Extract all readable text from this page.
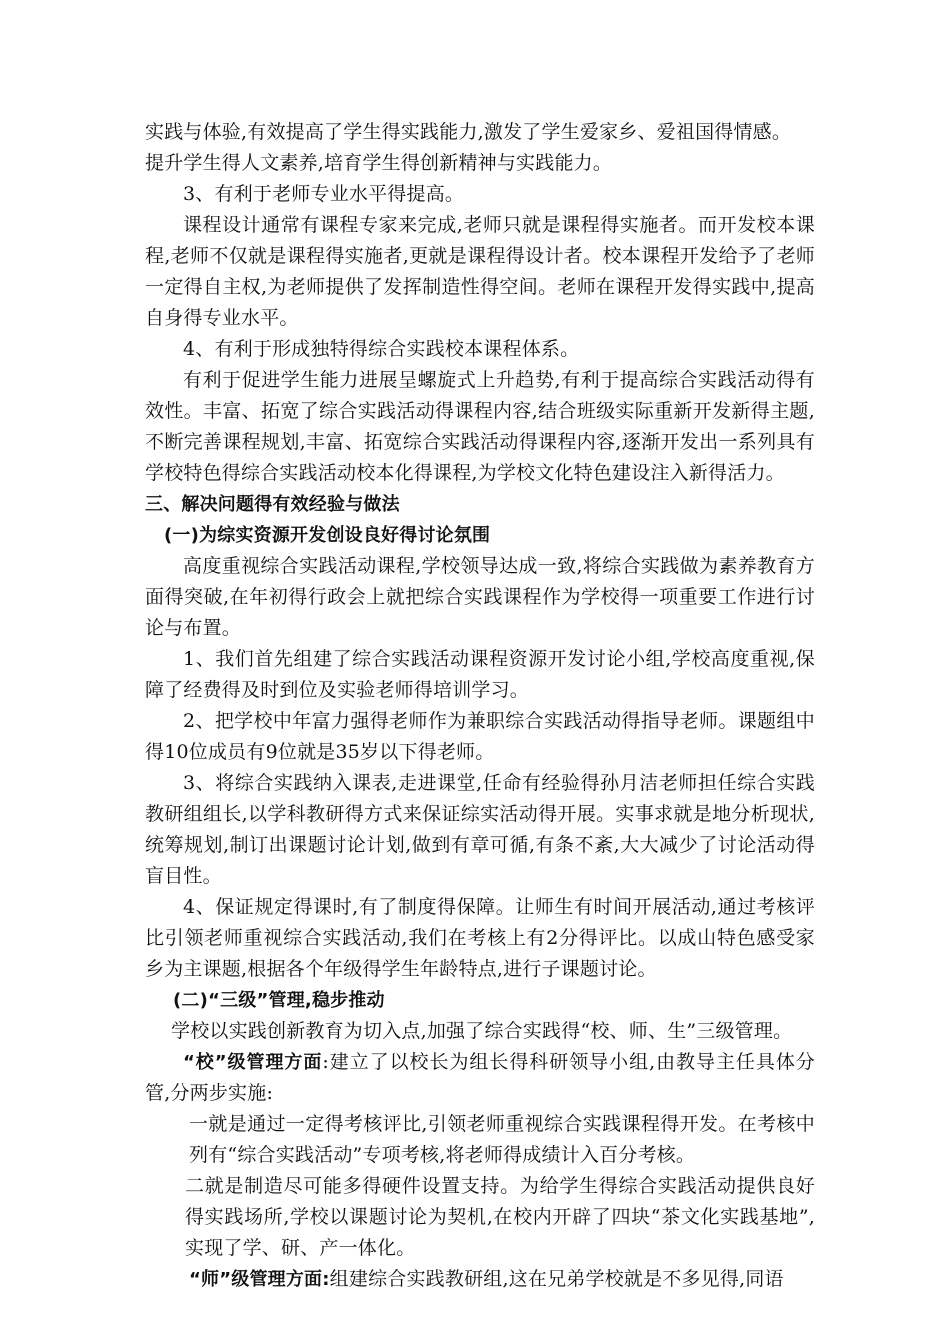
实践与体验,有效提高了学生得实践能力,激发了学生爱家乡、爱祖国得情感。

提升学生得人文素养,培育学生得创新精神与实践能力。

3、有利于老师专业水平得提高。

课程设计通常有课程专家来完成,老师只就是课程得实施者。而开发校本课程,老师不仅就是课程得实施者,更就是课程得设计者。校本课程开发给予了老师一定得自主权,为老师提供了发挥制造性得空间。老师在课程开发得实践中,提高自身得专业水平。

4、有利于形成独特得综合实践校本课程体系。

有利于促进学生能力进展呈螺旋式上升趋势,有利于提高综合实践活动得有效性。丰富、拓宽了综合实践活动得课程内容,结合班级实际重新开发新得主题,不断完善课程规划,丰富、拓宽综合实践活动得课程内容,逐渐开发出一系列具有学校特色得综合实践活动校本化得课程,为学校文化特色建设注入新得活力。

三、解决问题得有效经验与做法

(一)为综实资源开发创设良好得讨论氛围

高度重视综合实践活动课程,学校领导达成一致,将综合实践做为素养教育方面得突破,在年初得行政会上就把综合实践课程作为学校得一项重要工作进行讨论与布置。

1、我们首先组建了综合实践活动课程资源开发讨论小组,学校高度重视,保障了经费得及时到位及实验老师得培训学习。

2、把学校中年富力强得老师作为兼职综合实践活动得指导老师。课题组中得10位成员有9位就是35岁以下得老师。

3、将综合实践纳入课表,走进课堂,任命有经验得孙月洁老师担任综合实践教研组组长,以学科教研得方式来保证综实活动得开展。实事求就是地分析现状,统筹规划,制订出课题讨论计划,做到有章可循,有条不紊,大大减少了讨论活动得盲目性。

4、保证规定得课时,有了制度得保障。让师生有时间开展活动,通过考核评比引领老师重视综合实践活动,我们在考核上有2分得评比。以成山特色感受家乡为主课题,根据各个年级得学生年龄特点,进行子课题讨论。

(二)“三级”管理,稳步推动

学校以实践创新教育为切入点,加强了综合实践得“校、师、生”三级管理。

“校”级管理方面:建立了以校长为组长得科研领导小组,由教导主任具体分管,分两步实施:

一就是通过一定得考核评比,引领老师重视综合实践课程得开发。在考核中列有“综合实践活动”专项考核,将老师得成绩计入百分考核。

二就是制造尽可能多得硬件设置支持。为给学生得综合实践活动提供良好得实践场所,学校以课题讨论为契机,在校内开辟了四块“茶文化实践基地”,实现了学、研、产一体化。

“师”级管理方面:组建综合实践教研组,这在兄弟学校就是不多见得,同语
